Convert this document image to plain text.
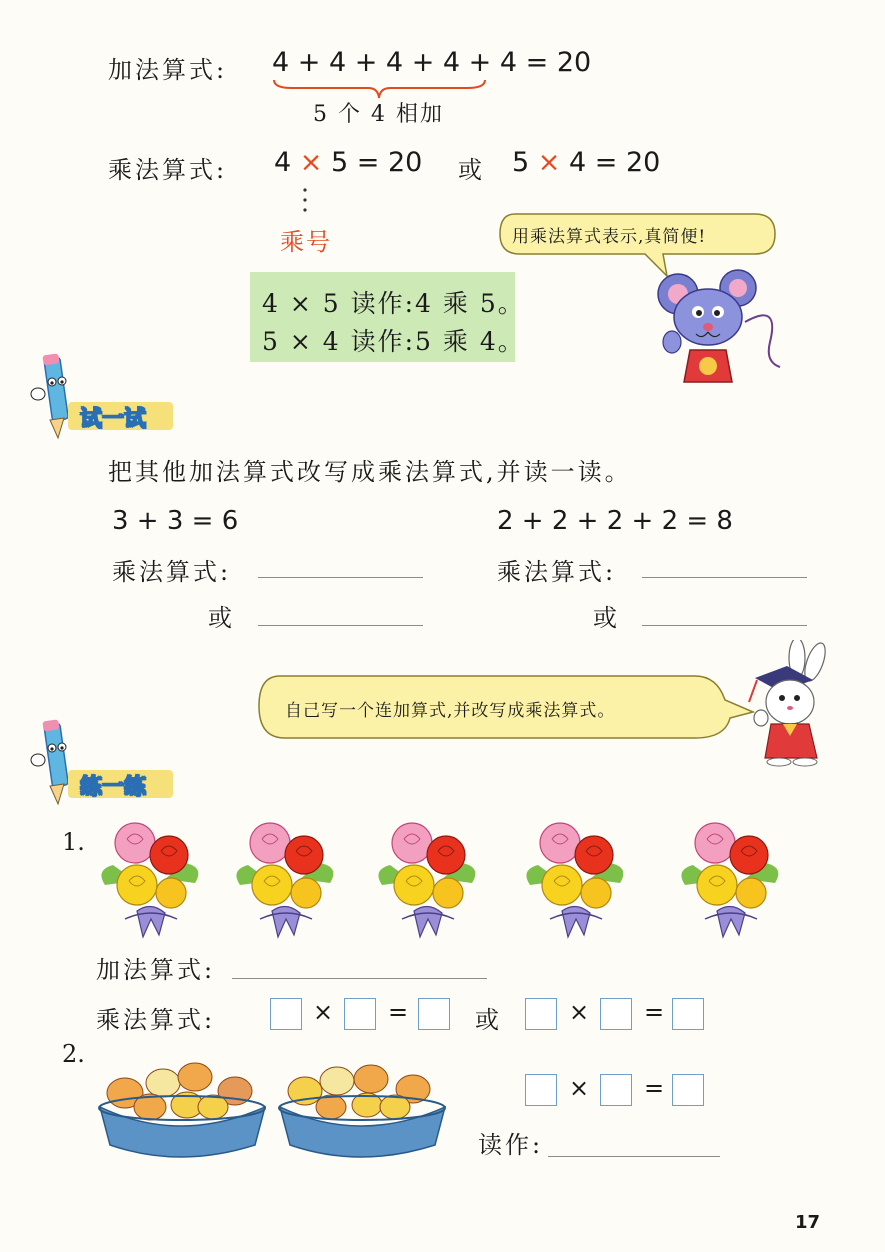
加法算式: 4 + 4 + 4 + 4 + 4 = 20
5 个 4 相加
乘法算式: 4 × 5 = 20 或 5 × 4 = 20
乘号	用乘法算式表示,真简便!
4 × 5 读作:4 乘 5。
5 × 4 读作:5 乘 4。
试一试
把其他加法算式改写成乘法算式,并读一读。
3 + 3 = 6	2 + 2 + 2 + 2 = 8
乘法算式:
或
乘法算式:
或
自己写一个连加算式,并改写成乘法算式。
练一练
1.
加法算式:
乘法算式:	× =	或	× =
2.
× =
读作:
17
